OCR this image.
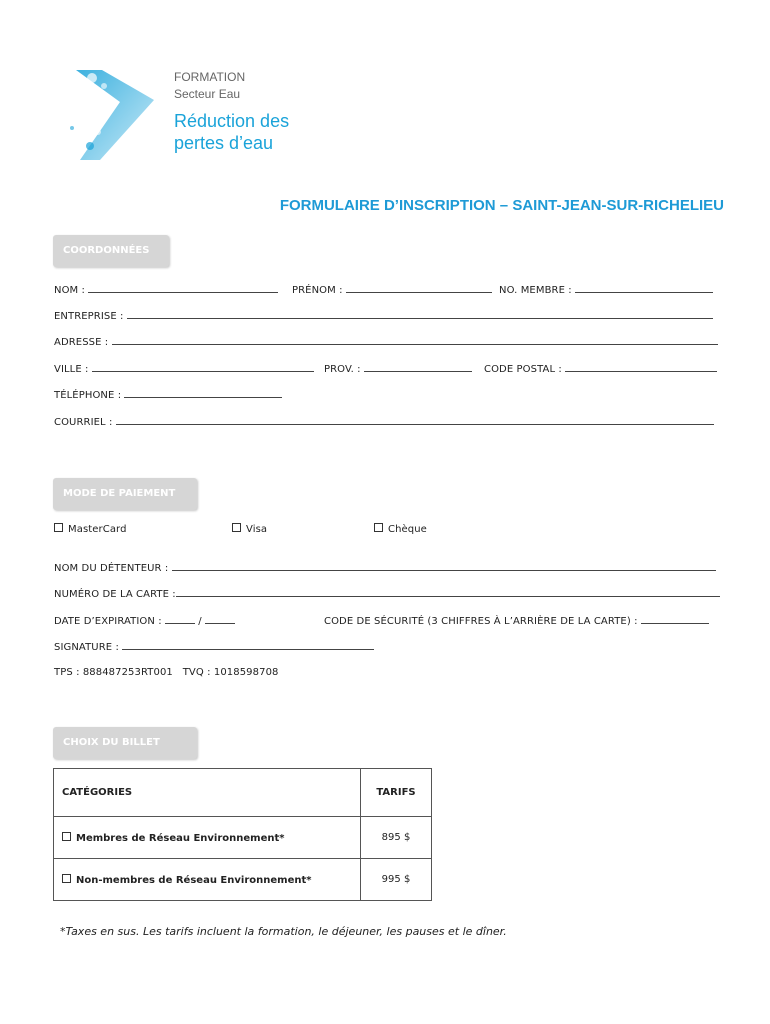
FORMATION
Secteur Eau
Réduction des
pertes d’eau
FORMULAIRE D’INSCRIPTION – SAINT-JEAN-SUR-RICHELIEU
COORDONNÉES
NOM :	PRÉNOM :	NO. MEMBRE :
ENTREPRISE :
ADRESSE :
VILLE :	PROV. :	CODE POSTAL :
TÉLÉPHONE :
COURRIEL :
MODE DE PAIEMENT
MasterCard	Visa	Chèque
NOM DU DÉTENTEUR :
NUMÉRO DE LA CARTE :
DATE D’EXPIRATION :	/	CODE DE SÉCURITÉ (3 CHIFFRES À L’ARRIÈRE DE LA CARTE) :
SIGNATURE :
TPS : 888487253RT001   TVQ : 1018598708
CHOIX DU BILLET
CATÉGORIES	TARIFS
Membres de Réseau Environnement*	895 $
Non-membres de Réseau Environnement*	995 $
*Taxes en sus. Les tarifs incluent la formation, le déjeuner, les pauses et le dîner.
